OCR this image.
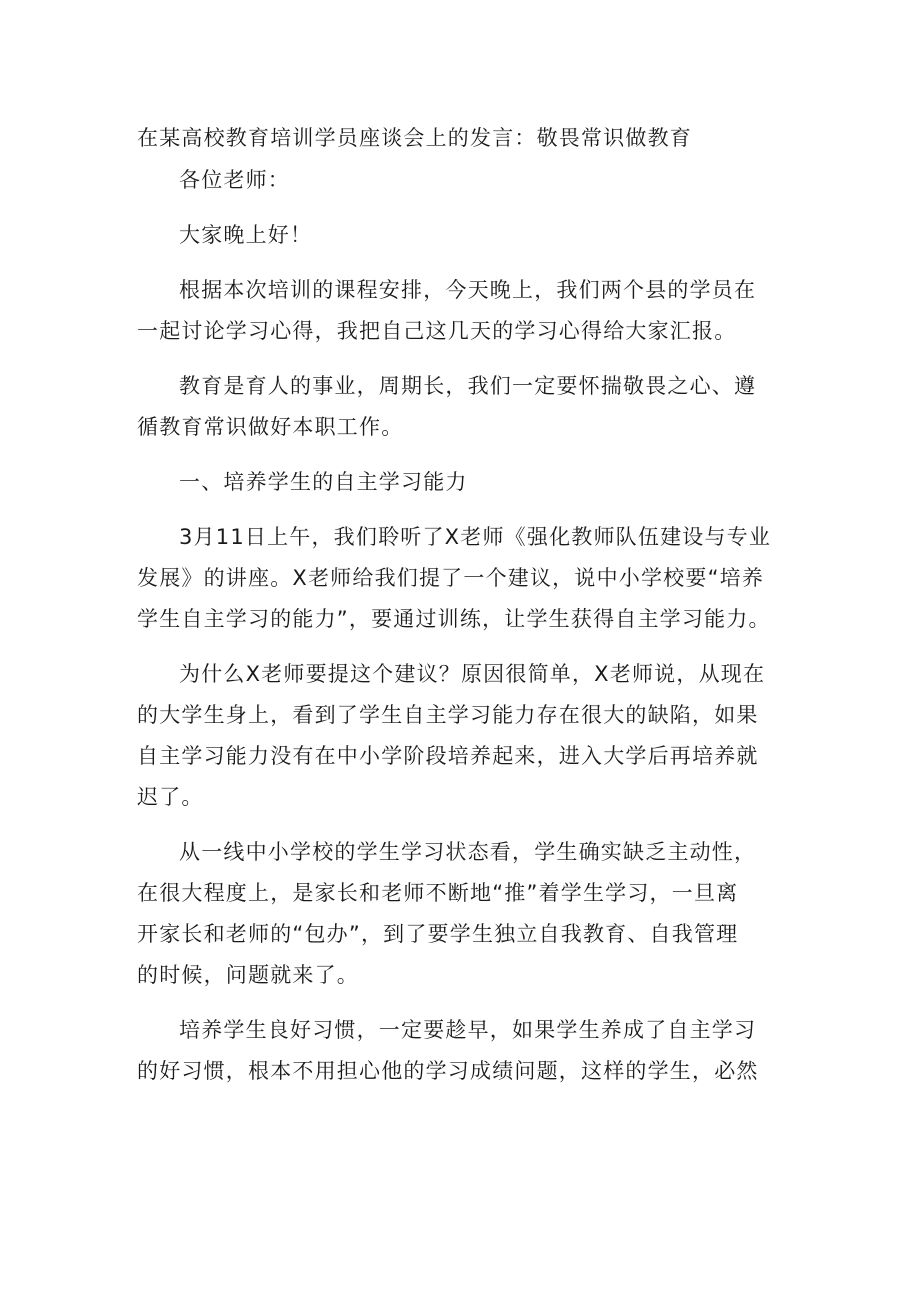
在某高校教育培训学员座谈会上的发言：敬畏常识做教育

各位老师：

大家晚上好！

根据本次培训的课程安排，今天晚上，我们两个县的学员在
一起讨论学习心得，我把自己这几天的学习心得给大家汇报。

教育是育人的事业，周期长，我们一定要怀揣敬畏之心、遵
循教育常识做好本职工作。

一、培养学生的自主学习能力

3月11日上午，我们聆听了X老师《强化教师队伍建设与专业
发展》的讲座。X老师给我们提了一个建议，说中小学校要“培养
学生自主学习的能力”，要通过训练，让学生获得自主学习能力。

为什么X老师要提这个建议？原因很简单，X老师说，从现在
的大学生身上，看到了学生自主学习能力存在很大的缺陷，如果
自主学习能力没有在中小学阶段培养起来，进入大学后再培养就
迟了。

从一线中小学校的学生学习状态看，学生确实缺乏主动性，
在很大程度上，是家长和老师不断地“推”着学生学习，一旦离
开家长和老师的“包办”，到了要学生独立自我教育、自我管理
的时候，问题就来了。

培养学生良好习惯，一定要趁早，如果学生养成了自主学习
的好习惯，根本不用担心他的学习成绩问题，这样的学生，必然
